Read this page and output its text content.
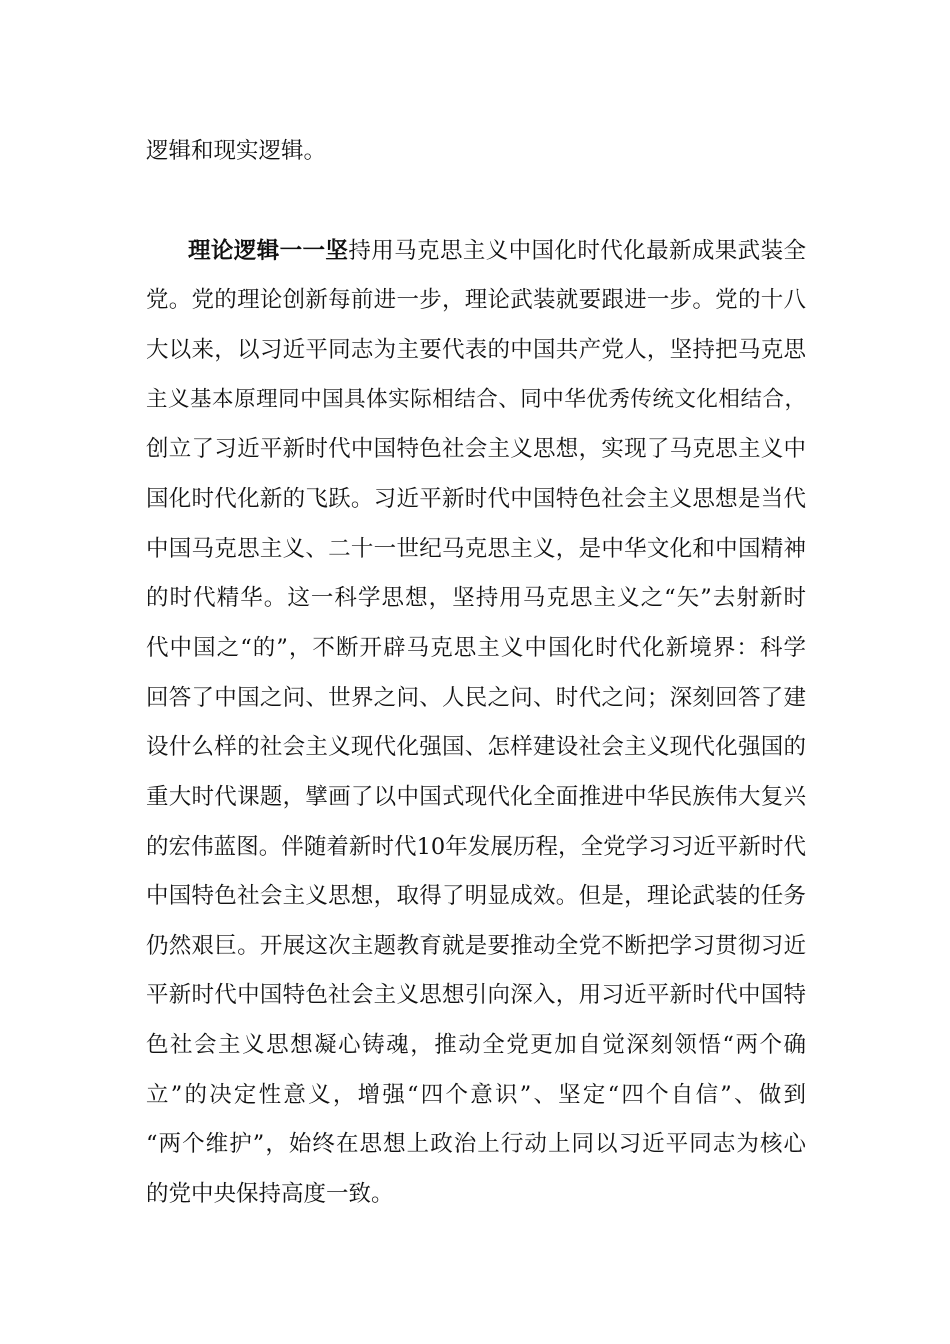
逻辑和现实逻辑。
理论逻辑一一坚持用马克思主义中国化时代化最新成果武装全
党。党的理论创新每前进一步，理论武装就要跟进一步。党的十八
大以来，以习近平同志为主要代表的中国共产党人，坚持把马克思
主义基本原理同中国具体实际相结合、同中华优秀传统文化相结合，
创立了习近平新时代中国特色社会主义思想，实现了马克思主义中
国化时代化新的飞跃。习近平新时代中国特色社会主义思想是当代
中国马克思主义、二十一世纪马克思主义，是中华文化和中国精神
的时代精华。这一科学思想，坚持用马克思主义之“矢”去射新时
代中国之“的”，不断开辟马克思主义中国化时代化新境界：科学
回答了中国之问、世界之问、人民之问、时代之问；深刻回答了建
设什么样的社会主义现代化强国、怎样建设社会主义现代化强国的
重大时代课题，擘画了以中国式现代化全面推进中华民族伟大复兴
的宏伟蓝图。伴随着新时代10年发展历程，全党学习习近平新时代
中国特色社会主义思想，取得了明显成效。但是，理论武装的任务
仍然艰巨。开展这次主题教育就是要推动全党不断把学习贯彻习近
平新时代中国特色社会主义思想引向深入，用习近平新时代中国特
色社会主义思想凝心铸魂，推动全党更加自觉深刻领悟“两个确
立”的决定性意义，增强“四个意识”、坚定“四个自信”、做到
“两个维护”，始终在思想上政治上行动上同以习近平同志为核心
的党中央保持高度一致。
